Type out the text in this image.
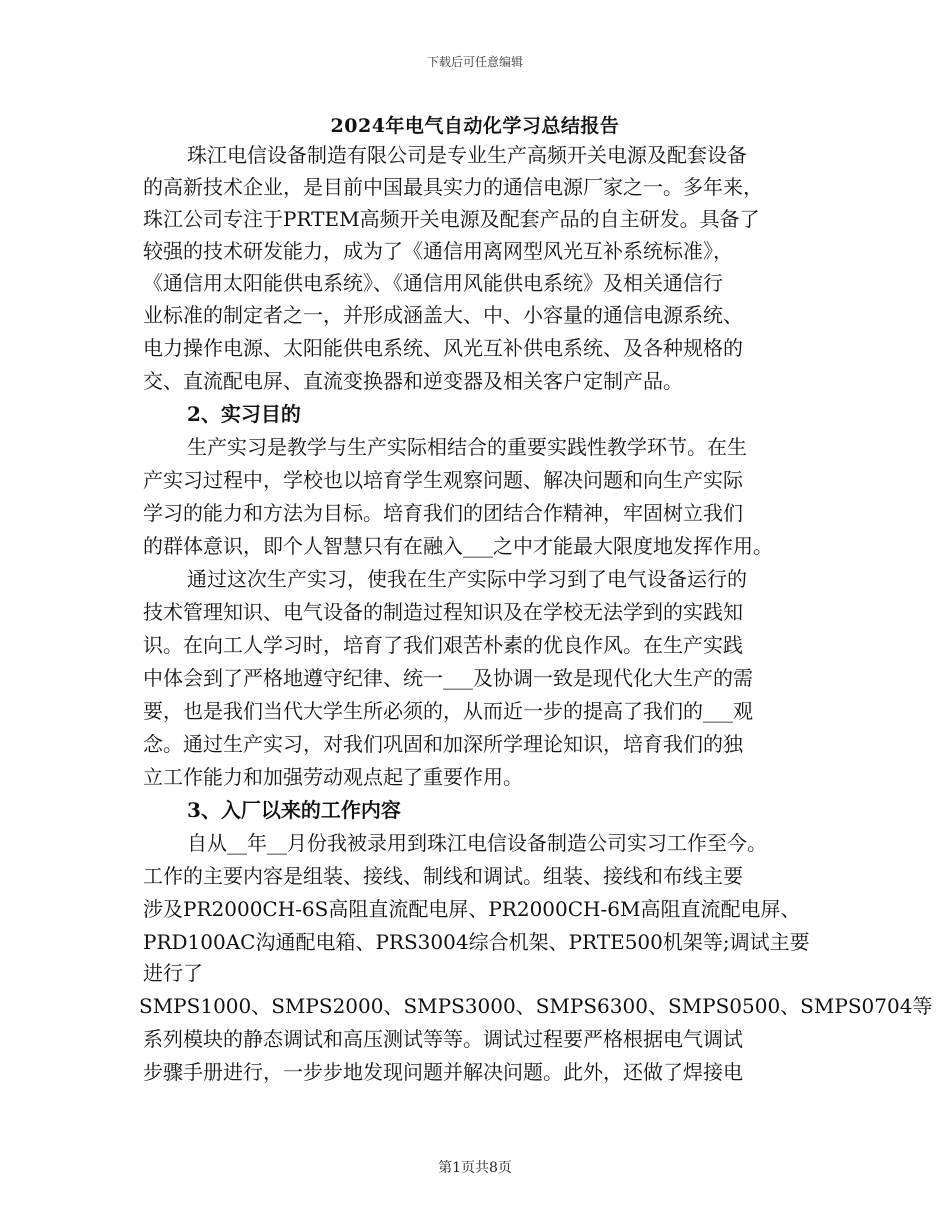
下载后可任意编辑
2024年电气自动化学习总结报告
珠江电信设备制造有限公司是专业生产高频开关电源及配套设备
的高新技术企业，是目前中国最具实力的通信电源厂家之一。多年来，
珠江公司专注于PRTEM高频开关电源及配套产品的自主研发。具备了
较强的技术研发能力，成为了《通信用离网型风光互补系统标准》，
《通信用太阳能供电系统》、《通信用风能供电系统》及相关通信行
业标准的制定者之一，并形成涵盖大、中、小容量的通信电源系统、
电力操作电源、太阳能供电系统、风光互补供电系统、及各种规格的
交、直流配电屏、直流变换器和逆变器及相关客户定制产品。
2、实习目的
生产实习是教学与生产实际相结合的重要实践性教学环节。在生
产实习过程中，学校也以培育学生观察问题、解决问题和向生产实际
学习的能力和方法为目标。培育我们的团结合作精神，牢固树立我们
的群体意识，即个人智慧只有在融入___之中才能最大限度地发挥作用。
通过这次生产实习，使我在生产实际中学习到了电气设备运行的
技术管理知识、电气设备的制造过程知识及在学校无法学到的实践知
识。在向工人学习时，培育了我们艰苦朴素的优良作风。在生产实践
中体会到了严格地遵守纪律、统一___及协调一致是现代化大生产的需
要，也是我们当代大学生所必须的，从而近一步的提高了我们的___观
念。通过生产实习，对我们巩固和加深所学理论知识，培育我们的独
立工作能力和加强劳动观点起了重要作用。
3、入厂以来的工作内容
自从__年__月份我被录用到珠江电信设备制造公司实习工作至今。
工作的主要内容是组装、接线、制线和调试。组装、接线和布线主要
涉及PR2000CH-6S高阻直流配电屏、PR2000CH-6M高阻直流配电屏、
PRD100AC沟通配电箱、PRS3004综合机架、PRTE500机架等;调试主要
进行了
SMPS1000、SMPS2000、SMPS3000、SMPS6300、SMPS0500、SMPS0704等
系列模块的静态调试和高压测试等等。调试过程要严格根据电气调试
步骤手册进行，一步步地发现问题并解决问题。此外，还做了焊接电
第1页共8页
